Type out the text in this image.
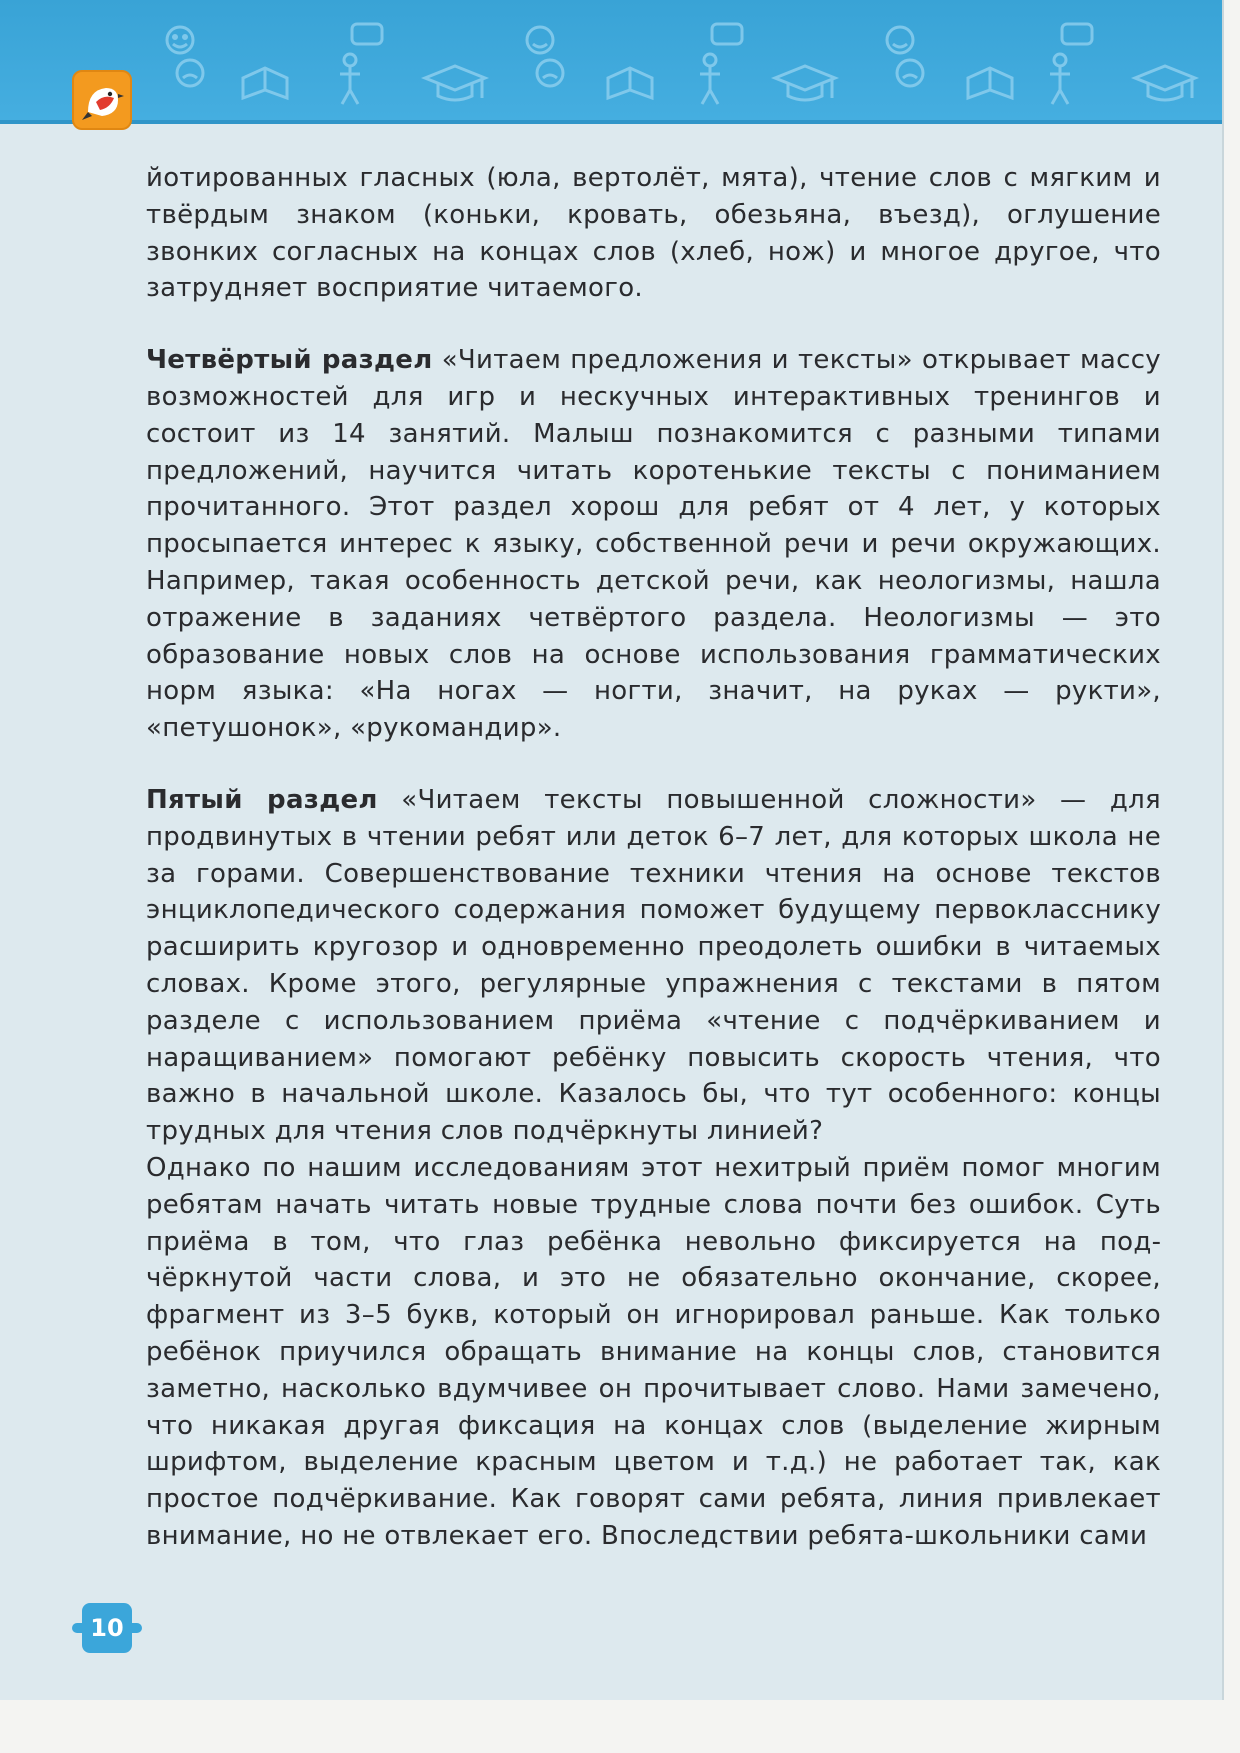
йотированных гласных (юла, вертолёт, мята), чтение слов с мягким и твёрдым знаком (коньки, кровать, обезьяна, въезд), оглушение звонких согласных на концах слов (хлеб, нож) и многое другое, что затрудняет восприятие читаемого.

Четвёртый раздел «Читаем предложения и тексты» открывает массу возможностей для игр и нескучных интерактивных тренингов и состоит из 14 занятий. Малыш познакомится с разными типами предложений, научится читать коротенькие тексты с пониманием прочитанного. Этот раздел хорош для ребят от 4 лет, у которых просыпается интерес к языку, собственной речи и речи окружающих. Например, такая особенность детской речи, как неологизмы, нашла отражение в заданиях четвёртого раздела. Неологизмы — это образование новых слов на основе использования грамматических норм языка: «На ногах — ногти, значит, на руках — рукти», «петушонок», «рукомандир».

Пятый раздел «Читаем тексты повышенной сложности» — для продвинутых в чтении ребят или деток 6–7 лет, для которых школа не за горами. Совершенствование техники чтения на основе текстов энциклопедического содержания поможет будущему первокласснику расширить кругозор и одновременно преодолеть ошибки в читаемых словах. Кроме этого, регулярные упражнения с текстами в пятом разделе с использованием приёма «чтение с подчёркиванием и наращиванием» помогают ребёнку повысить скорость чтения, что важно в начальной школе. Казалось бы, что тут особенного: концы трудных для чтения слов подчёркнуты линией?

Однако по нашим исследованиям этот нехитрый приём помог многим ребятам начать читать новые трудные слова почти без ошибок. Суть приёма в том, что глаз ребёнка невольно фиксируется на подчёркнутой части слова, и это не обязательно окончание, скорее, фрагмент из 3–5 букв, который он игнорировал раньше. Как только ребёнок приучился обращать внимание на концы слов, становится заметно, насколько вдумчивее он прочитывает слово. Нами замечено, что никакая другая фиксация на концах слов (выделение жирным шрифтом, выделение красным цветом и т.д.) не работает так, как простое подчёркивание. Как говорят сами ребята, линия привлекает внимание, но не отвлекает его. Впоследствии ребята-школьники сами

10
